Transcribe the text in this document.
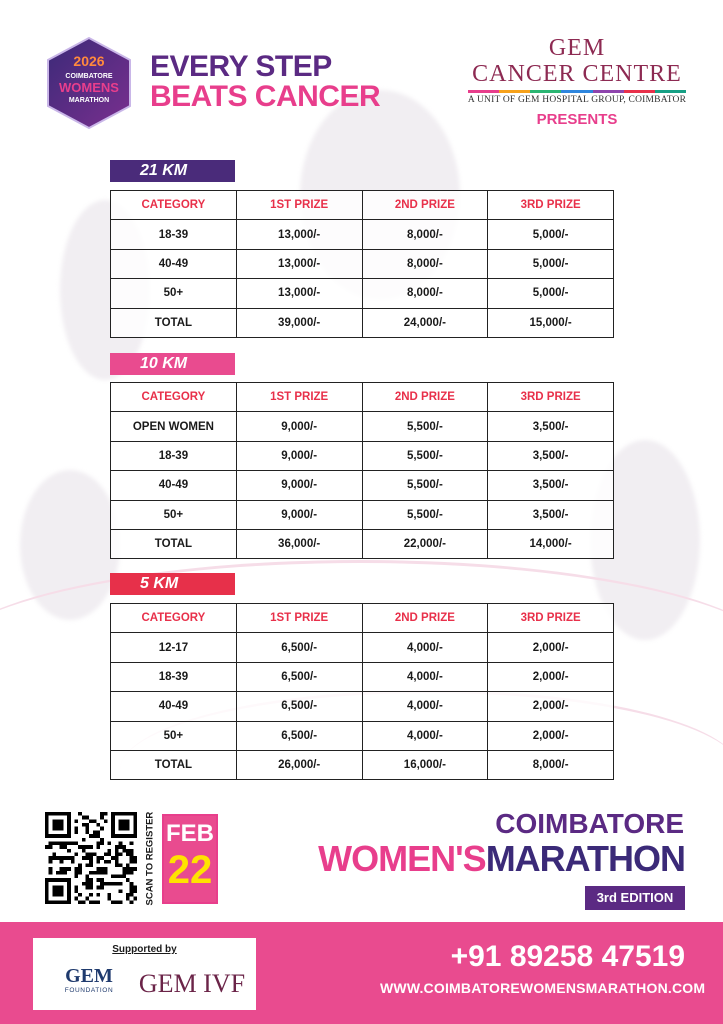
2026
COIMBATORE
WOMENS
MARATHON
EVERY STEP
BEATS CANCER
GEM
CANCER CENTRE
A UNIT OF GEM HOSPITAL GROUP, COIMBATOR
PRESENTS
21 KM
CATEGORY	1ST PRIZE	2ND PRIZE	3RD PRIZE
18-39	13,000/-	8,000/-	5,000/-
40-49	13,000/-	8,000/-	5,000/-
50+	13,000/-	8,000/-	5,000/-
TOTAL	39,000/-	24,000/-	15,000/-
10 KM
CATEGORY	1ST PRIZE	2ND PRIZE	3RD PRIZE
OPEN WOMEN	9,000/-	5,500/-	3,500/-
18-39	9,000/-	5,500/-	3,500/-
40-49	9,000/-	5,500/-	3,500/-
50+	9,000/-	5,500/-	3,500/-
TOTAL	36,000/-	22,000/-	14,000/-
5 KM
CATEGORY	1ST PRIZE	2ND PRIZE	3RD PRIZE
12-17	6,500/-	4,000/-	2,000/-
18-39	6,500/-	4,000/-	2,000/-
40-49	6,500/-	4,000/-	2,000/-
50+	6,500/-	4,000/-	2,000/-
TOTAL	26,000/-	16,000/-	8,000/-
SCAN TO REGISTER FEB
22
COIMBATORE
WOMEN'SMARATHON
3rd EDITION
Supported by
GEM
FOUNDATION GEM IVF
+91 89258 47519
WWW.COIMBATOREWOMENSMARATHON.COM
